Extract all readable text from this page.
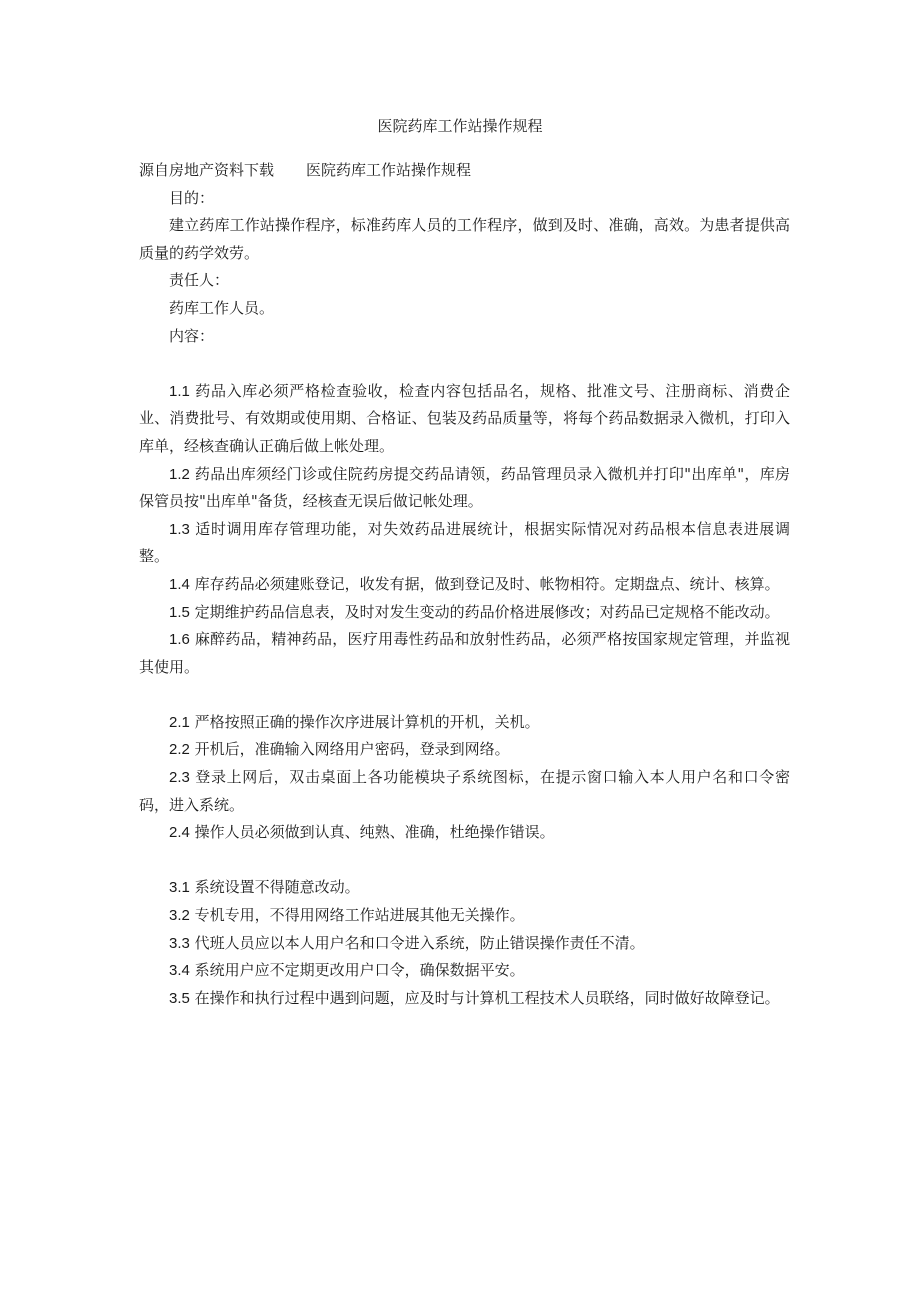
医院药库工作站操作规程

源自房地产资料下载 医院药库工作站操作规程

目的：

建立药库工作站操作程序，标准药库人员的工作程序，做到及时、准确，高效。为患者提供高质量的药学效劳。

责任人：

药库工作人员。

内容：

1.1 药品入库必须严格检查验收，检查内容包括品名，规格、批准文号、注册商标、消费企业、消费批号、有效期或使用期、合格证、包装及药品质量等，将每个药品数据录入微机，打印入库单，经核查确认正确后做上帐处理。

1.2 药品出库须经门诊或住院药房提交药品请领，药品管理员录入微机并打印"出库单"，库房保管员按"出库单"备货，经核查无误后做记帐处理。

1.3 适时调用库存管理功能，对失效药品进展统计，根据实际情况对药品根本信息表进展调整。

1.4 库存药品必须建账登记，收发有据，做到登记及时、帐物相符。定期盘点、统计、核算。

1.5 定期维护药品信息表，及时对发生变动的药品价格进展修改；对药品已定规格不能改动。

1.6 麻醉药品，精神药品，医疗用毒性药品和放射性药品，必须严格按国家规定管理，并监视其使用。

2.1 严格按照正确的操作次序进展计算机的开机，关机。

2.2 开机后，准确输入网络用户密码，登录到网络。

2.3 登录上网后，双击桌面上各功能模块子系统图标，在提示窗口输入本人用户名和口令密码，进入系统。

2.4 操作人员必须做到认真、纯熟、准确，杜绝操作错误。

3.1 系统设置不得随意改动。

3.2 专机专用，不得用网络工作站进展其他无关操作。

3.3 代班人员应以本人用户名和口令进入系统，防止错误操作责任不清。

3.4 系统用户应不定期更改用户口令，确保数据平安。

3.5 在操作和执行过程中遇到问题，应及时与计算机工程技术人员联络，同时做好故障登记。
